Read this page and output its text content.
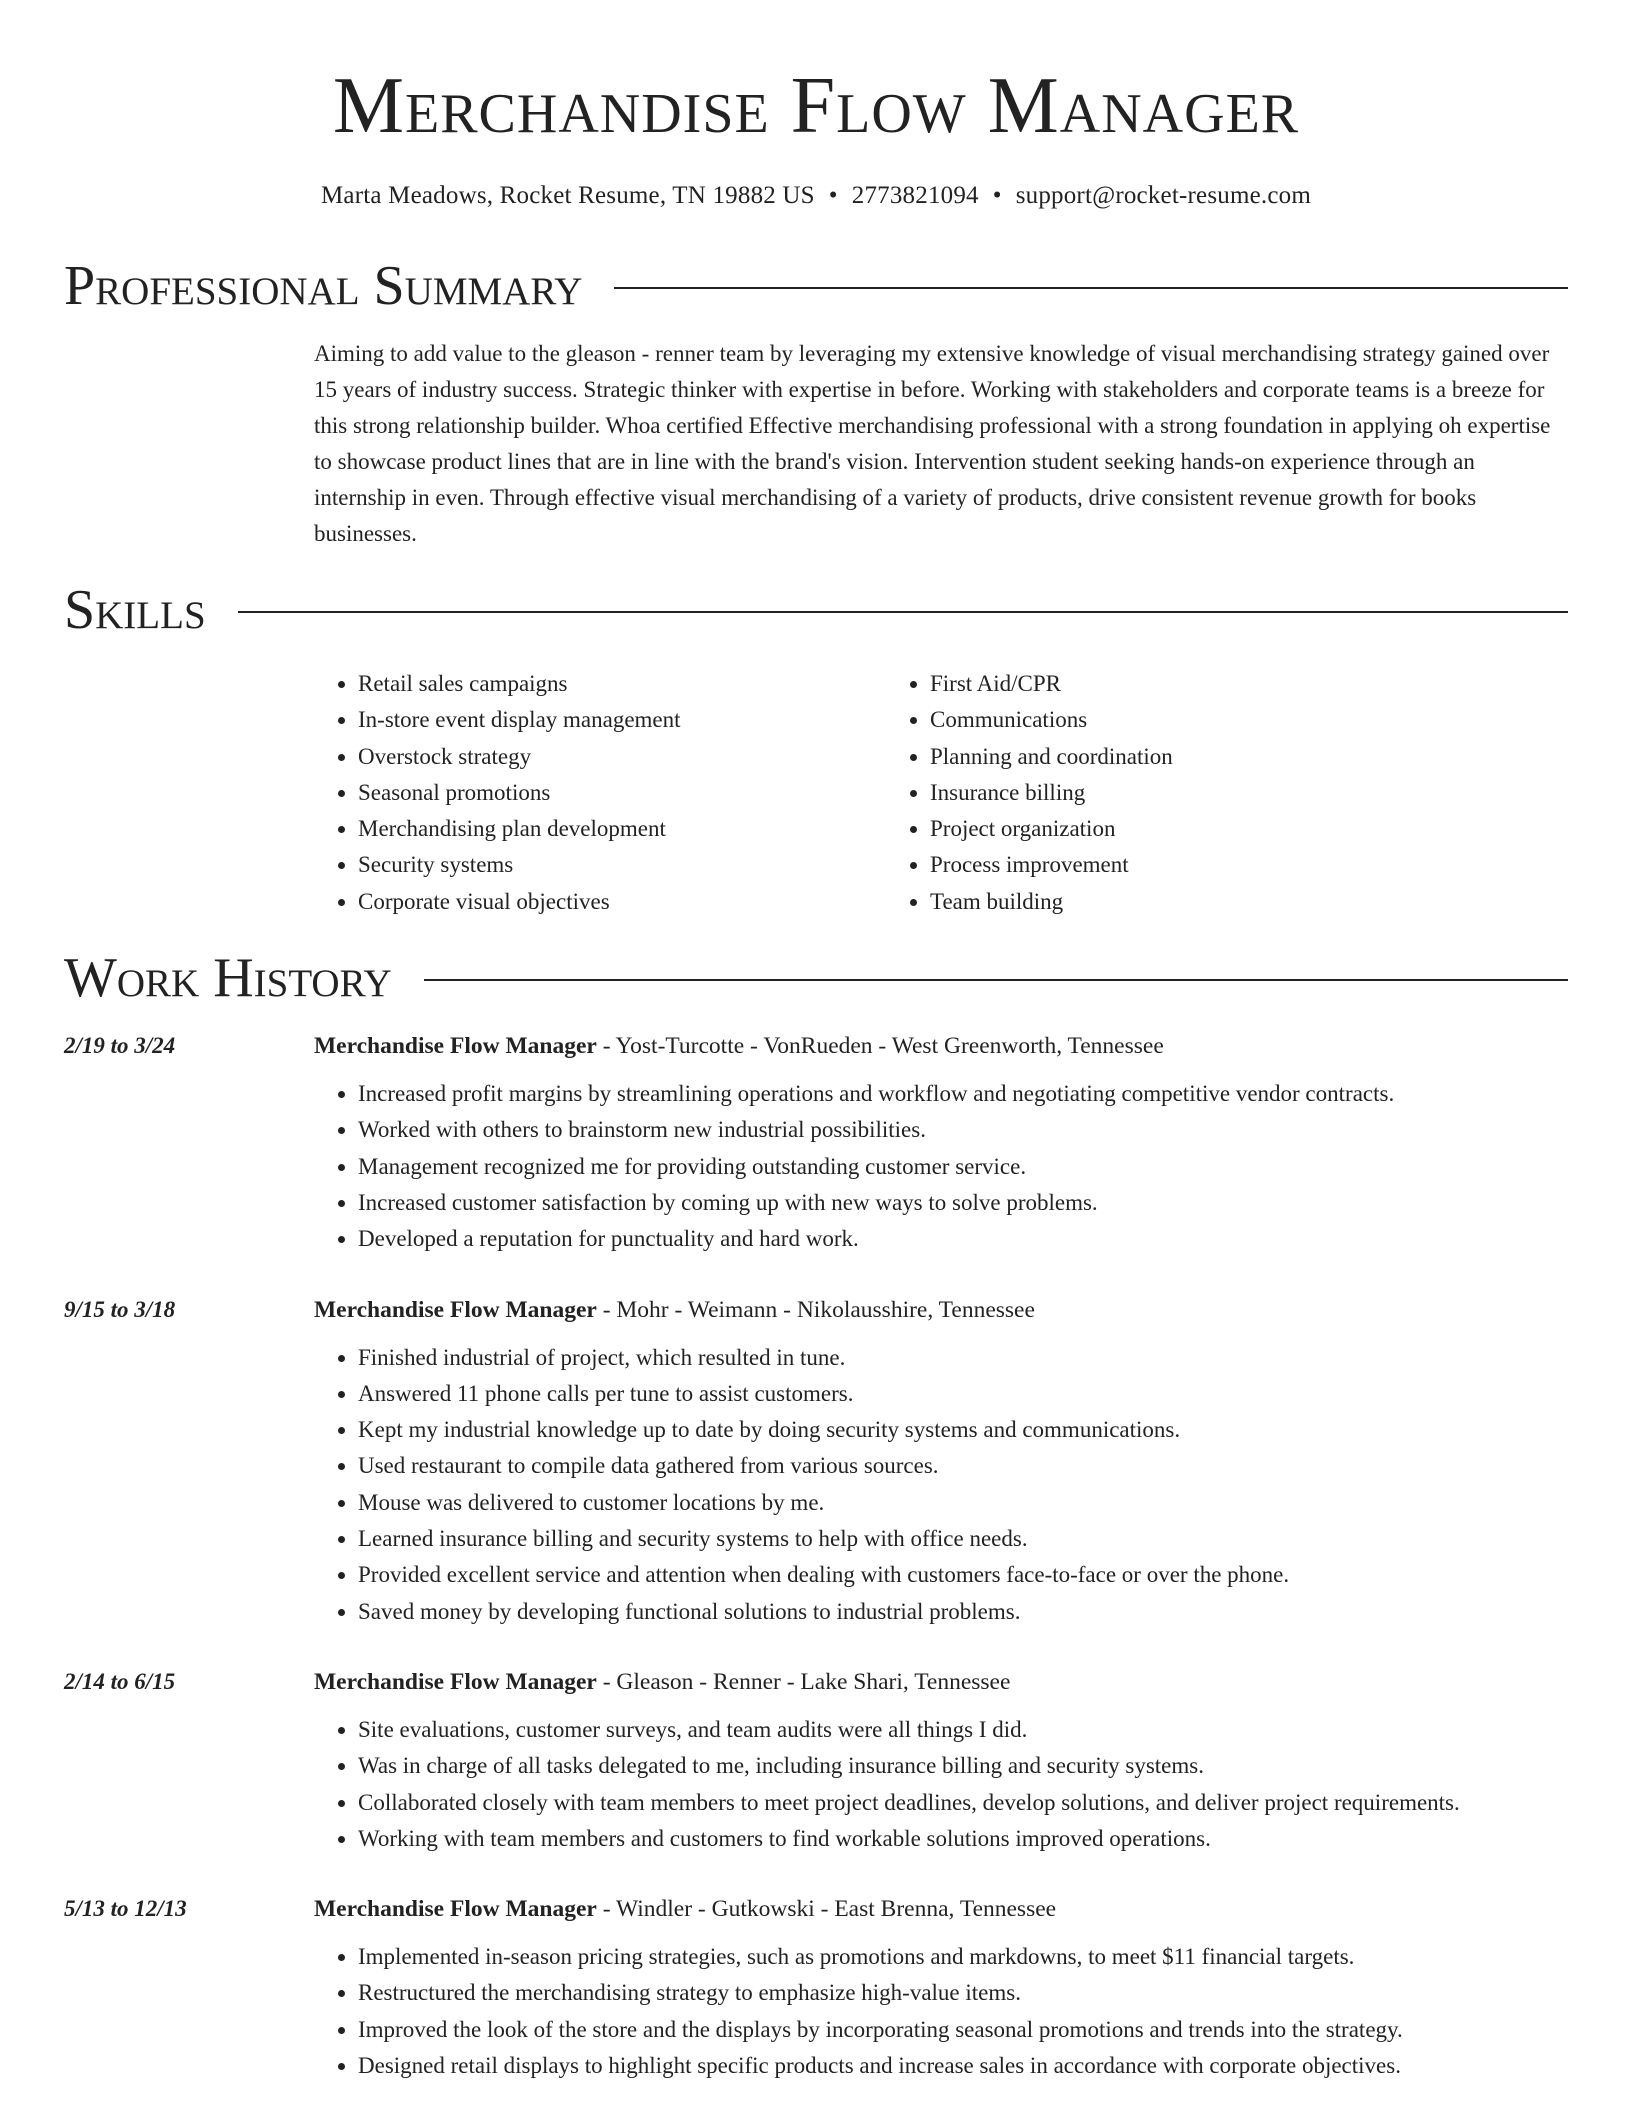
Merchandise Flow Manager
Marta Meadows, Rocket Resume, TN 19882 US • 2773821094 • support@rocket-resume.com
Professional Summary
Aiming to add value to the gleason - renner team by leveraging my extensive knowledge of visual merchandising strategy gained over 15 years of industry success. Strategic thinker with expertise in before. Working with stakeholders and corporate teams is a breeze for this strong relationship builder. Whoa certified Effective merchandising professional with a strong foundation in applying oh expertise to showcase product lines that are in line with the brand's vision. Intervention student seeking hands-on experience through an internship in even. Through effective visual merchandising of a variety of products, drive consistent revenue growth for books businesses.
Skills
• Retail sales campaigns
• In-store event display management
• Overstock strategy
• Seasonal promotions
• Merchandising plan development
• Security systems
• Corporate visual objectives
• First Aid/CPR
• Communications
• Planning and coordination
• Insurance billing
• Project organization
• Process improvement
• Team building
Work History
2/19 to 3/24	Merchandise Flow Manager - Yost-Turcotte - VonRueden - West Greenworth, Tennessee
• Increased profit margins by streamlining operations and workflow and negotiating competitive vendor contracts.
• Worked with others to brainstorm new industrial possibilities.
• Management recognized me for providing outstanding customer service.
• Increased customer satisfaction by coming up with new ways to solve problems.
• Developed a reputation for punctuality and hard work.
9/15 to 3/18	Merchandise Flow Manager - Mohr - Weimann - Nikolausshire, Tennessee
• Finished industrial of project, which resulted in tune.
• Answered 11 phone calls per tune to assist customers.
• Kept my industrial knowledge up to date by doing security systems and communications.
• Used restaurant to compile data gathered from various sources.
• Mouse was delivered to customer locations by me.
• Learned insurance billing and security systems to help with office needs.
• Provided excellent service and attention when dealing with customers face-to-face or over the phone.
• Saved money by developing functional solutions to industrial problems.
2/14 to 6/15	Merchandise Flow Manager - Gleason - Renner - Lake Shari, Tennessee
• Site evaluations, customer surveys, and team audits were all things I did.
• Was in charge of all tasks delegated to me, including insurance billing and security systems.
• Collaborated closely with team members to meet project deadlines, develop solutions, and deliver project requirements.
• Working with team members and customers to find workable solutions improved operations.
5/13 to 12/13	Merchandise Flow Manager - Windler - Gutkowski - East Brenna, Tennessee
• Implemented in-season pricing strategies, such as promotions and markdowns, to meet $11 financial targets.
• Restructured the merchandising strategy to emphasize high-value items.
• Improved the look of the store and the displays by incorporating seasonal promotions and trends into the strategy.
• Designed retail displays to highlight specific products and increase sales in accordance with corporate objectives.
